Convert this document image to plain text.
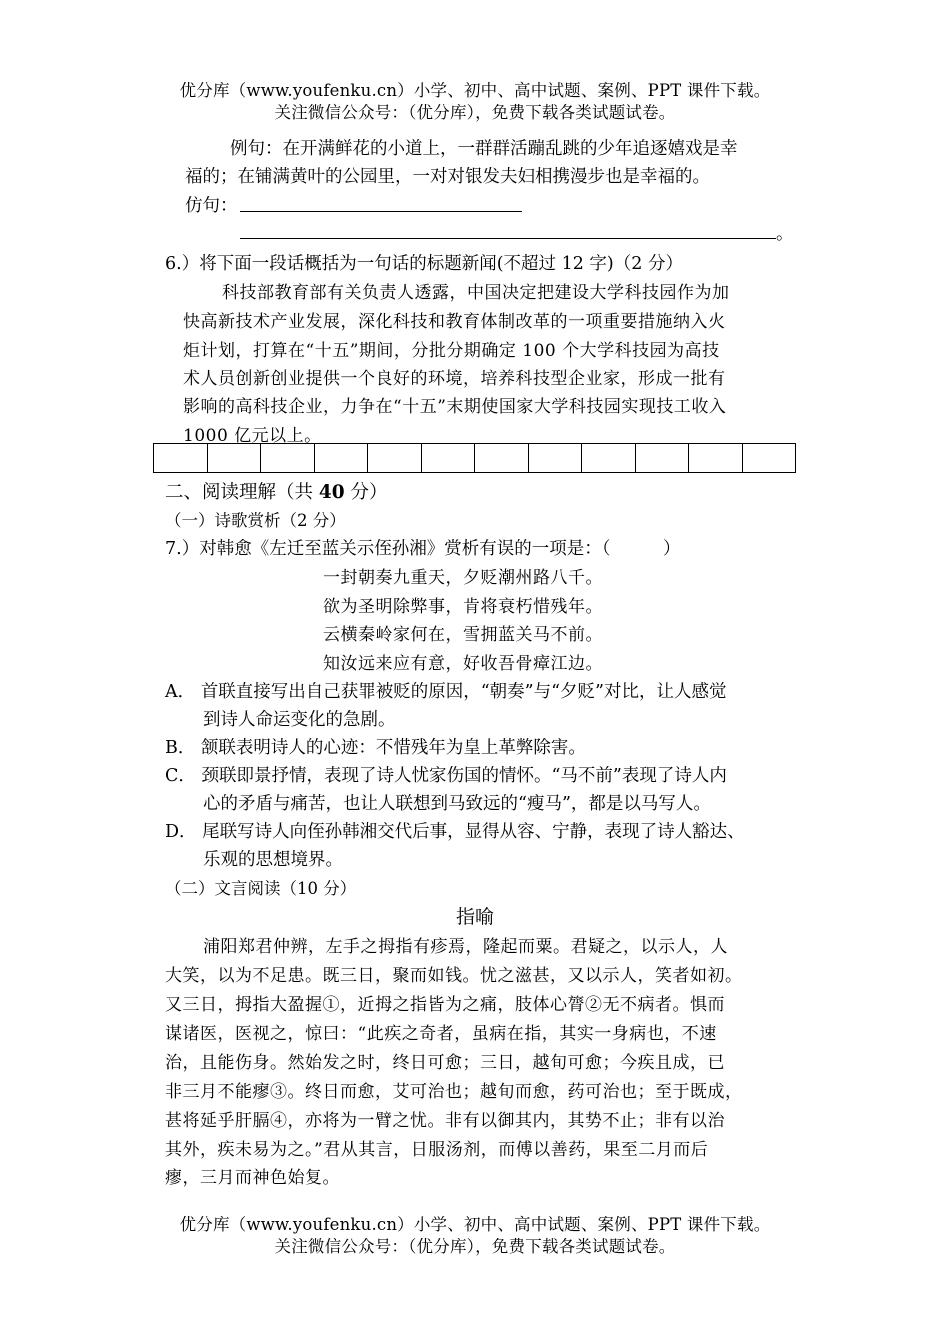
优分库（www.youfenku.cn）小学、初中、高中试题、案例、PPT 课件下载。
关注微信公众号：（优分库），免费下载各类试题试卷。
例句：在开满鲜花的小道上，一群群活蹦乱跳的少年追逐嬉戏是幸
福的；在铺满黄叶的公园里，一对对银发夫妇相携漫步也是幸福的。
仿句：
。
6.）将下面一段话概括为一句话的标题新闻(不超过 12 字)（2 分）
科技部教育部有关负责人透露，中国决定把建设大学科技园作为加
快高新技术产业发展，深化科技和教育体制改革的一项重要措施纳入火
炬计划，打算在“十五”期间，分批分期确定 100 个大学科技园为高技
术人员创新创业提供一个良好的环境，培养科技型企业家，形成一批有
影响的高科技企业，力争在“十五”末期使国家大学科技园实现技工收入
1000 亿元以上。
二、阅读理解（共 40 分）
（一）诗歌赏析（2 分）
7.）对韩愈《左迁至蓝关示侄孙湘》赏析有误的一项是：（　　　）
一封朝奏九重天，夕贬潮州路八千。
欲为圣明除弊事，肯将衰朽惜残年。
云横秦岭家何在，雪拥蓝关马不前。
知汝远来应有意，好收吾骨瘴江边。
A． 首联直接写出自己获罪被贬的原因，“朝奏”与“夕贬”对比，让人感觉
到诗人命运变化的急剧。
B． 颔联表明诗人的心迹：不惜残年为皇上革弊除害。
C． 颈联即景抒情，表现了诗人忧家伤国的情怀。“马不前”表现了诗人内
心的矛盾与痛苦，也让人联想到马致远的“瘦马”，都是以马写人。
D． 尾联写诗人向侄孙韩湘交代后事，显得从容、宁静，表现了诗人豁达、
乐观的思想境界。
（二）文言阅读（10 分）
指喻
浦阳郑君仲辨，左手之拇指有疹焉，隆起而粟。君疑之，以示人，人
大笑，以为不足患。既三日，聚而如钱。忧之滋甚，又以示人，笑者如初。
又三日，拇指大盈握①，近拇之指皆为之痛，肢体心膂②无不病者。惧而
谋诸医，医视之，惊曰：“此疾之奇者，虽病在指，其实一身病也，不速
治，且能伤身。然始发之时，终日可愈；三日，越旬可愈；今疾且成，已
非三月不能瘳③。终日而愈，艾可治也；越旬而愈，药可治也；至于既成，
甚将延乎肝膈④，亦将为一臂之忧。非有以御其内，其势不止；非有以治
其外，疾未易为之。”君从其言，日服汤剂，而傅以善药，果至二月而后
瘳，三月而神色始复。
优分库（www.youfenku.cn）小学、初中、高中试题、案例、PPT 课件下载。
关注微信公众号：（优分库），免费下载各类试题试卷。
